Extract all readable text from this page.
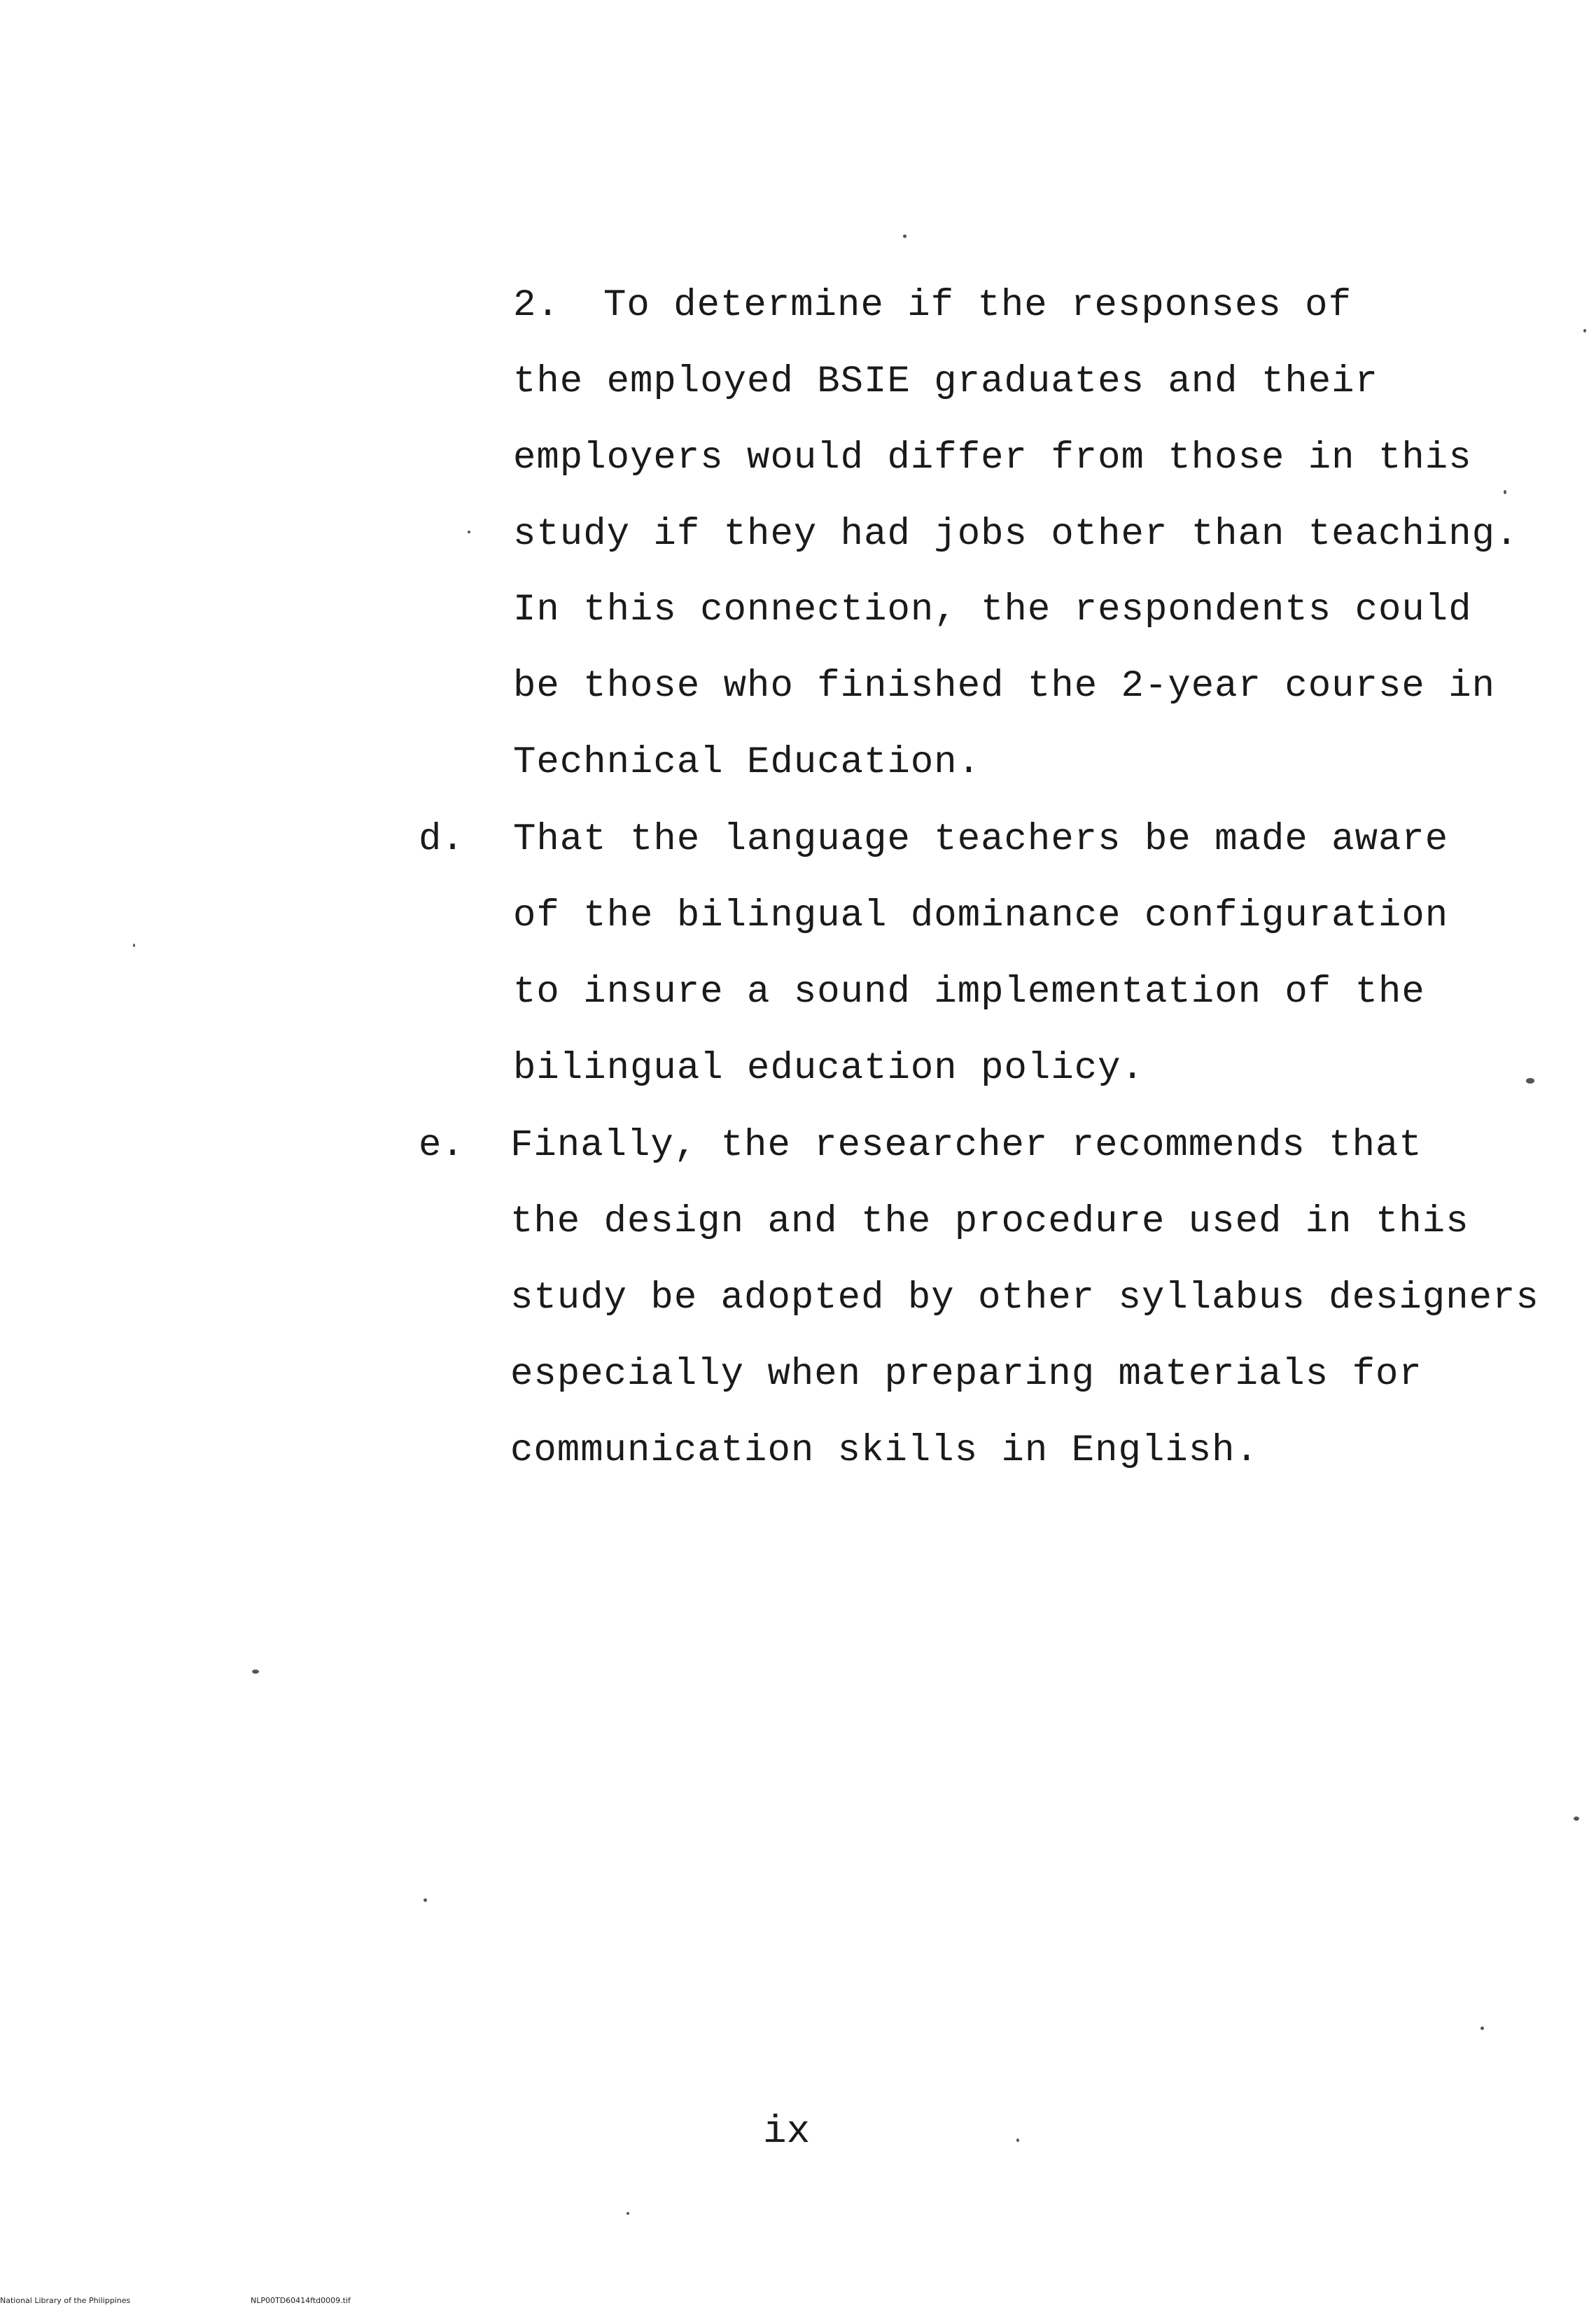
2. To determine if the responses of
the employed BSIE graduates and their
employers would differ from those in this
study if they had jobs other than teaching.
In this connection, the respondents could
be those who finished the 2-year course in
Technical Education.
d. That the language teachers be made aware
of the bilingual dominance configuration
to insure a sound implementation of the
bilingual education policy.
e. Finally, the researcher recommends that
the design and the procedure used in this
study be adopted by other syllabus designers
especially when preparing materials for
communication skills in English.
ix
National Library of the Philippines	NLP00TD60414ftd0009.tif
